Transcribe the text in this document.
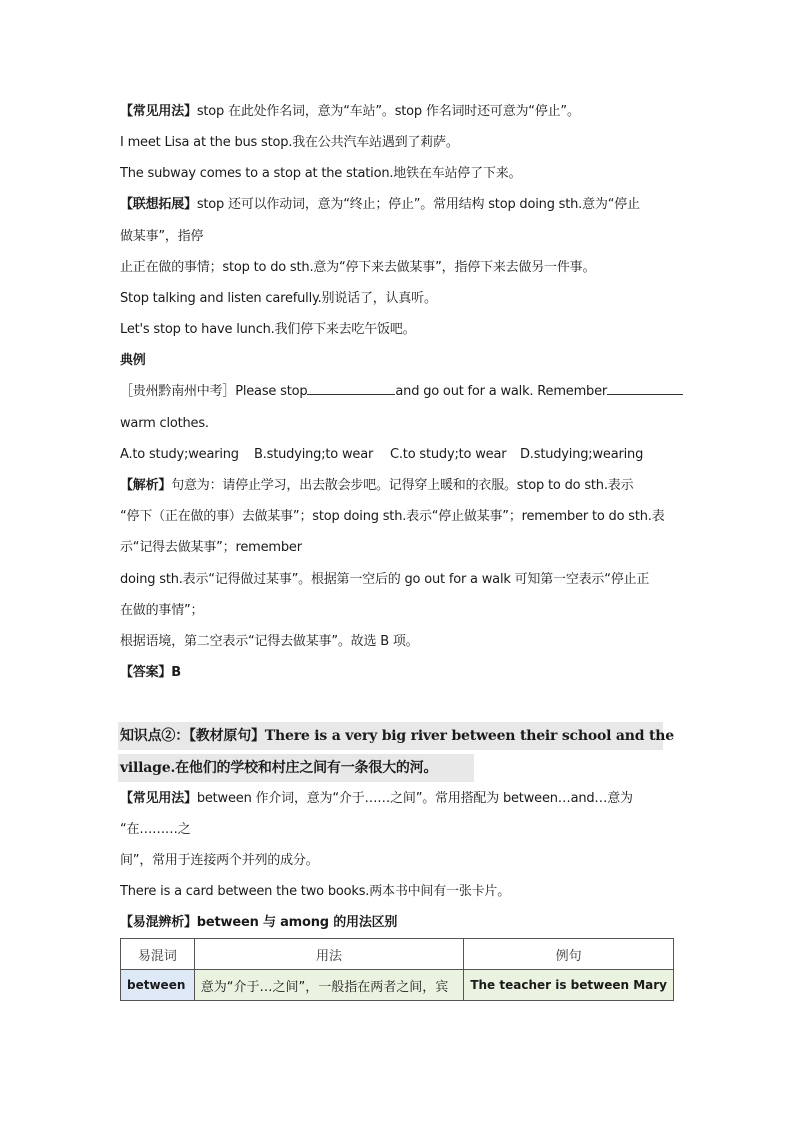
【常见用法】stop 在此处作名词，意为“车站”。stop 作名词时还可意为“停止”。
I meet Lisa at the bus stop.我在公共汽车站遇到了莉萨。
The subway comes to a stop at the station.地铁在车站停了下来。
【联想拓展】stop 还可以作动词，意为“终止；停止”。常用结构 stop doing sth.意为“停止
做某事”，指停
止正在做的事情；stop to do sth.意为“停下来去做某事”，指停下来去做另一件事。
Stop talking and listen carefully.别说话了，认真听。
Let's stop to have lunch.我们停下来去吃午饭吧。
典例
［贵州黔南州中考］Please stop	and go out for a walk. Remember
warm clothes.
A.to study;wearing B.studying;to wear C.to study;to wear D.studying;wearing
【解析】句意为：请停止学习，出去散会步吧。记得穿上暖和的衣服。stop to do sth.表示
“停下（正在做的事）去做某事”；stop doing sth.表示“停止做某事”；remember to do sth.表
示“记得去做某事”；remember
doing sth.表示“记得做过某事”。根据第一空后的 go out for a walk 可知第一空表示“停止正
在做的事情”；
根据语境，第二空表示“记得去做某事”。故选 B 项。
【答案】B
知识点②：【教材原句】There is a very big river between their school and the
village.在他们的学校和村庄之间有一条很大的河。
【常见用法】between 作介词，意为“介于……之间”。常用搭配为 between…and…意为
“在………之
间”，常用于连接两个并列的成分。
There is a card between the two books.两本书中间有一张卡片。
【易混辨析】between 与 among 的用法区别
易混词	用法	例句
between	意为“介于…之间”，一般指在两者之间，宾	The teacher is between Mary
